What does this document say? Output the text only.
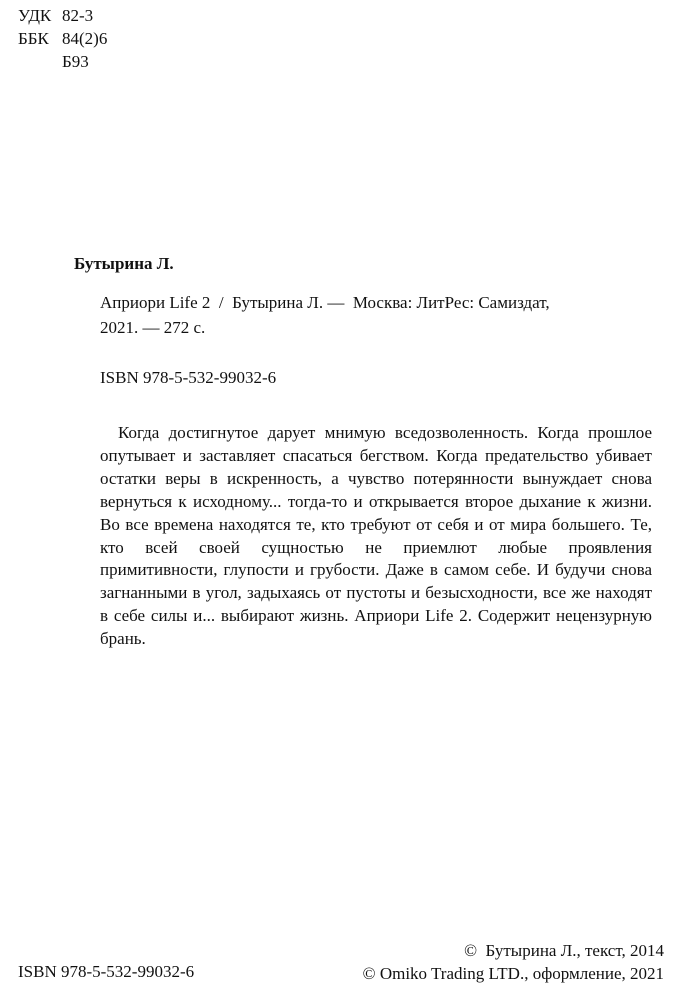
УДК 82-3
ББК 84(2)6
Б93
Бутырина Л.
Априори Life 2  /  Бутырина Л. —  Москва: ЛитРес: Самиздат,
2021. — 272 с.
ISBN 978-5-532-99032-6

Когда достигнутое дарует мнимую вседозволенность. Когда прошлое опутывает и заставляет спасаться бегством. Когда предательство убивает остатки веры в искренность, а чувство потерянности вынуждает снова вернуться к исходному... тогда-то и открывается второе дыхание к жизни. Во все времена находятся те, кто требуют от себя и от мира большего. Те, кто всей своей сущностью не приемлют любые проявления примитивности, глупости и грубости. Даже в самом себе. И будучи снова загнанными в угол, задыхаясь от пустоты и безысходности, все же находят в себе силы и... выбирают жизнь. Априори Life 2. Содержит нецензурную брань.

ISBN 978-5-532-99032-6
©  Бутырина Л., текст, 2014
© Omiko Trading LTD., оформление, 2021
